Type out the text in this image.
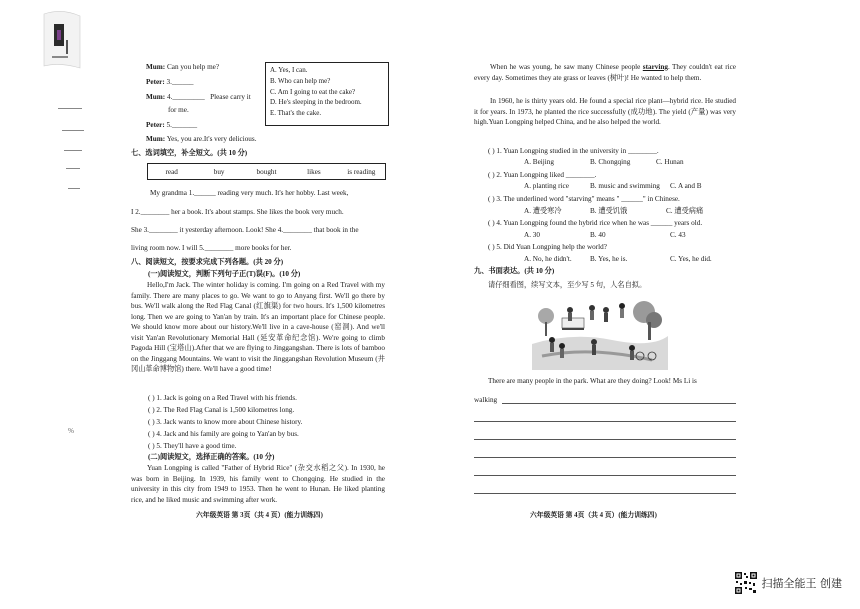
%
Mum: Can you help me?
Peter: 3.______
Mum: 4._________ Please carry it
for me.
Peter: 5._______
Mum: Yes, you are.It's very delicious.
A. Yes, I can.
B. Who can help me?
C. Am I going to eat the cake?
D. He's sleeping in the bedroom.
E. That's the cake.
七、选词填空，补全短文。(共 10 分)
read	buy	bought	likes	is reading
My grandma 1.______ reading very much. It's her hobby. Last week,
I 2.________ her a book. It's about stamps. She likes the book very much.
She 3.________ it yesterday afternoon. Look! She 4.________ that book in the
living room now. I will 5.________ more books for her.
八、阅读短文，按要求完成下列各题。(共 20 分)
(一)阅读短文，判断下列句子正(T)误(F)。(10 分)
Hello,I'm Jack. The winter holiday is coming. I'm going on a Red Travel with my family. There are many places to go. We want to go to Anyang first. We'll go there by bus. We'll walk along the Red Flag Canal (红旗渠) for two hours. It's 1,500 kilometres long. Then we are going to Yan'an by train. It's an important place for Chinese people. We should know more about our history.We'll live in a cave-house (窑洞). And we'll visit Yan'an Revolutionary Memorial Hall (延安革命纪念馆). We're going to climb Pagoda Hill (宝塔山).After that we are flying to Jinggangshan. There is lots of bamboo on the Jinggang Mountains. We want to visit the Jinggangshan Revolution Museum (井冈山革命博物馆) there. We'll have a good time!
( ) 1. Jack is going on a Red Travel with his friends.
( ) 2. The Red Flag Canal is 1,500 kilometres long.
( ) 3. Jack wants to know more about Chinese history.
( ) 4. Jack and his family are going to Yan'an by bus.
( ) 5. They'll have a good time.
(二)阅读短文，选择正确的答案。(10 分)
Yuan Longping is called "Father of Hybrid Rice" (杂交水稻之父). In 1930, he was born in Beijing. In 1939, his family went to Chongqing. He studied in the university in this city from 1949 to 1953. Then he went to Hunan. He liked planting rice, and he liked music and swimming after work.
六年级英语 第 3页（共 4 页）(能力训练四)
When he was young, he saw many Chinese people starving. They couldn't eat rice every day. Sometimes they ate grass or leaves (树叶)! He wanted to help them.
In 1960, he is thirty years old. He found a special rice plant—hybrid rice. He studied it for years. In 1973, he planted the rice successfully (成功地). The yield (产量) was very high.Yuan Longping helped China, and he also helped the world.
( ) 1. Yuan Longping studied in the university in ________.
A. Beijing	B. Chongqing	C. Hunan
( ) 2. Yuan Longping liked ________.
A. planting rice	B. music and swimming C. A and B
( ) 3. The underlined word "starving" means " ______" in Chinese.
A. 遭受寒冷	B. 遭受饥饿	C. 遭受病痛
( ) 4. Yuan Longping found the hybrid rice when he was ______ years old.
A. 30	B. 40	C. 43
( ) 5. Did Yuan Longping help the world?
A. No, he didn't.	B. Yes, he is.	C. Yes, he did.
九、书面表达。(共 10 分)
请仔细看图，续写文本，至少写 5 句，人名自拟。
There are many people in the park. What are they doing? Look! Ms Li is
walking
六年级英语 第 4页（共 4 页）(能力训练四)
扫描全能王 创建
